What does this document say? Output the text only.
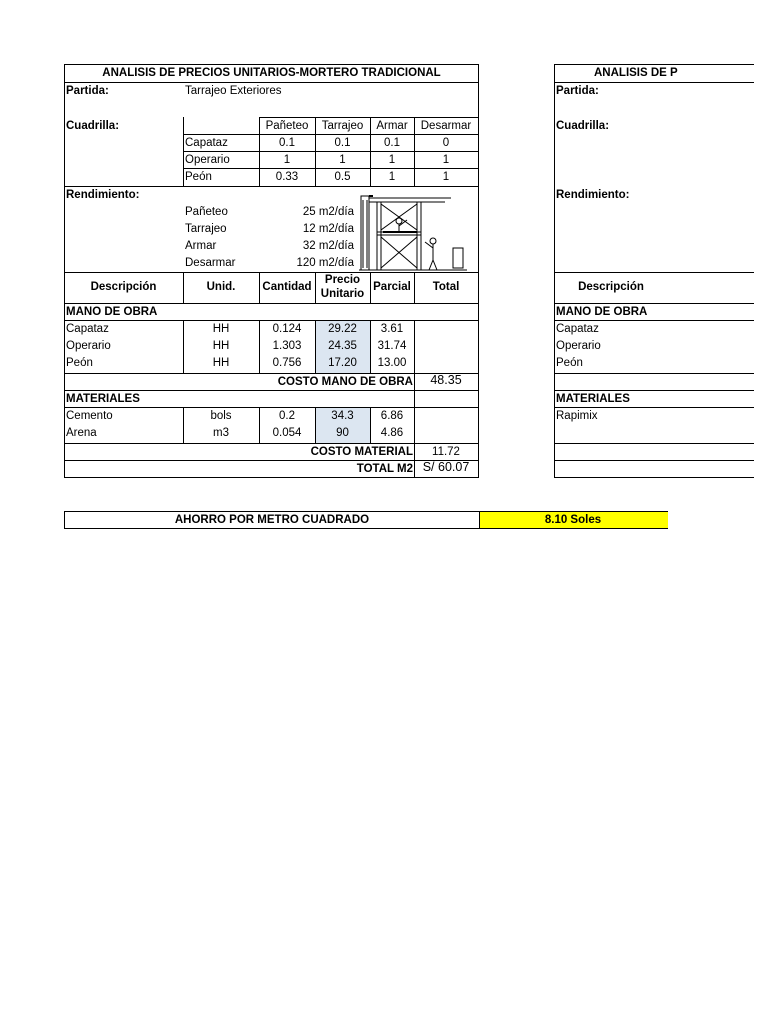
ANALISIS DE PRECIOS UNITARIOS-MORTERO TRADICIONAL
Partida:	Tarrajeo Exteriores
Cuadrilla:	Pañeteo	Tarrajeo	Armar	Desarmar
Capataz	0.1	0.1	0.1	0
Operario	1	1	1	1
Peón	0.33	0.5	1	1
Rendimiento:
Pañeteo	25 m2/día
Tarrajeo	12 m2/día
Armar	32 m2/día
Desarmar	120 m2/día
Descripción	Unid.	Cantidad
Precio
Unitario
Parcial	Total
MANO DE OBRA
Capataz	HH	0.124	29.22	3.61
Operario	HH	1.303	24.35	31.74
Peón	HH	0.756	17.20	13.00
COSTO MANO DE OBRA	48.35
MATERIALES
Cemento	bols	0.2	34.3	6.86
Arena	m3	0.054	90	4.86
COSTO MATERIAL	11.72
TOTAL M2 S/ 60.07
ANALISIS DE P
Partida:
Cuadrilla:
Rendimiento:
Descripción
MANO DE OBRA
Capataz
Operario
Peón
MATERIALES
Rapimix
AHORRO POR METRO CUADRADO	8.10 Soles
